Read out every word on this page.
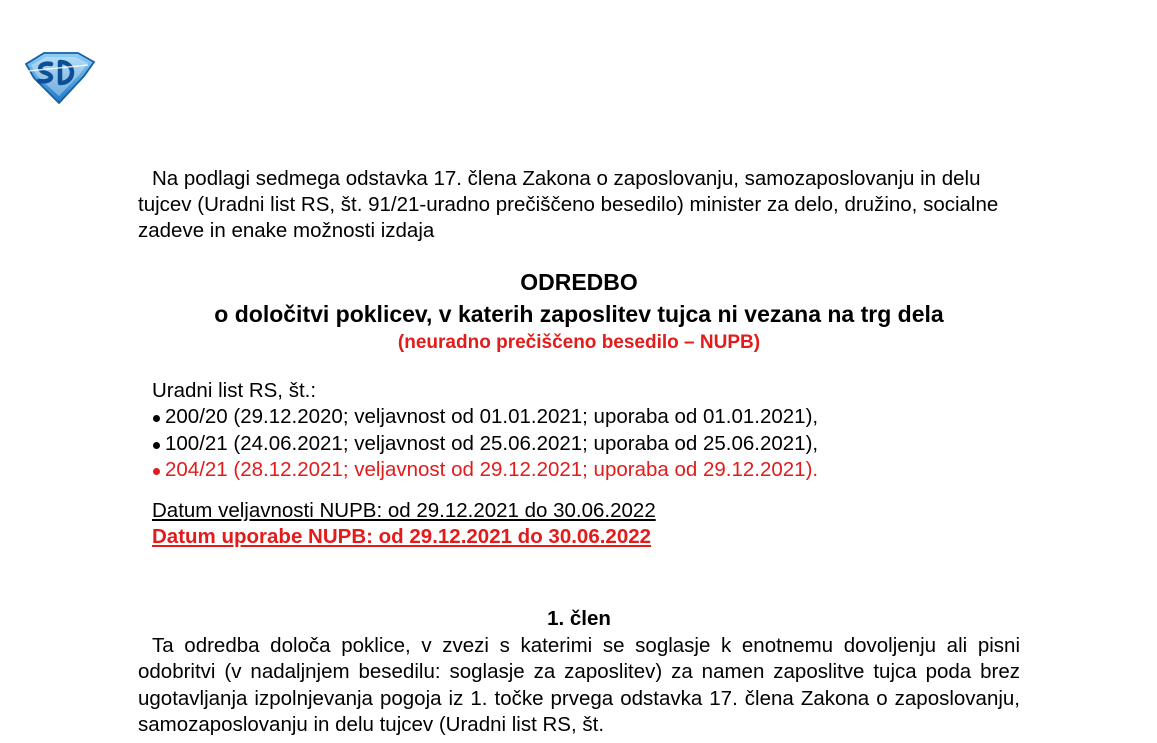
Na podlagi sedmega odstavka 17. člena Zakona o zaposlovanju, samozaposlovanju in delu tujcev (Uradni list RS, št. 91/21-uradno prečiščeno besedilo) minister za delo, družino, socialne zadeve in enake možnosti izdaja

ODREDBO
o določitvi poklicev, v katerih zaposlitev tujca ni vezana na trg dela
(neuradno prečiščeno besedilo – NUPB)
Uradni list RS, št.:
200/20 (29.12.2020; veljavnost od 01.01.2021; uporaba od 01.01.2021),
100/21 (24.06.2021; veljavnost od 25.06.2021; uporaba od 25.06.2021),
204/21 (28.12.2021; veljavnost od 29.12.2021; uporaba od 29.12.2021).
Datum veljavnosti NUPB: od 29.12.2021 do 30.06.2022
Datum uporabe NUPB: od 29.12.2021 do 30.06.2022
1. člen

Ta odredba določa poklice, v zvezi s katerimi se soglasje k enotnemu dovoljenju ali pisni odobritvi (v nadaljnjem besedilu: soglasje za zaposlitev) za namen zaposlitve tujca poda brez ugotavljanja izpolnjevanja pogoja iz 1. točke prvega odstavka 17. člena Zakona o zaposlovanju, samozaposlovanju in delu tujcev (Uradni list RS, št.
